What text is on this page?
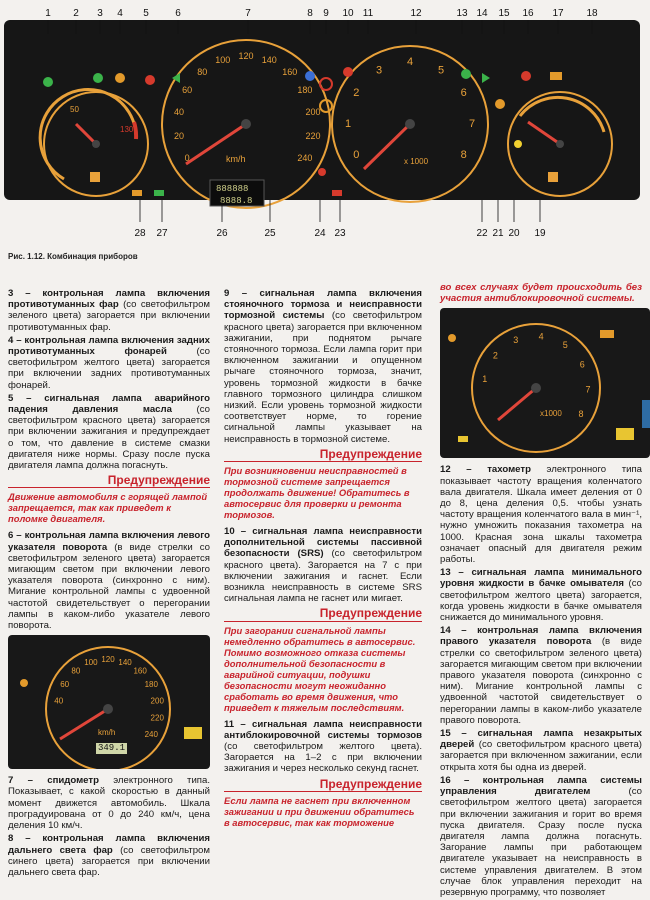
50
130
km/h
0
20
40
60
80
100 120 140
160
180
200
220
240	x 1000
0
1
2
3
4
5
6
7
8
888888
8888.8
1 2 3 4 5	6	7	8 9 10 11	12	13 14 15 16 17 18
28 27	26	25	24 23	22 21 20 19
Рис. 1.12. Комбинация приборов

3 – контрольная лампа включения противотуманных фар (со светофильтром зеленого цвета) загорается при включении противотуманных фар.

4 – контрольная лампа включения задних противотуманных фонарей (со светофильтром желтого цвета) загорается при включении задних противотуманных фонарей.

5 – сигнальная лампа аварийного падения давления масла (со светофильтром красного цвета) загорается при включении зажигания и предупреждает о том, что давление в системе смазки двигателя ниже нормы. Сразу после пуска двигателя лампа должна погаснуть.

Предупреждение
Движение автомобиля с горящей лампой запрещается, так как приведет к поломке двигателя.

6 – контрольная лампа включения левого указателя поворота (в виде стрелки со светофильтром зеленого цвета) загорается мигающим светом при включении левого указателя поворота (синхронно с ним). Мигание контрольной лампы с удвоенной частотой свидетельствует о перегорании лампы в каком-либо указателе левого поворота.

km/h
40
60
80
100 120 140
160
180
200
220
240
349.1

7 – спидометр электронного типа. Показывает, с какой скоростью в данный момент движется автомобиль. Шкала проградуирована от 0 до 240 км/ч, цена деления 10 км/ч.

8 – контрольная лампа включения дальнего света фар (со светофильтром синего цвета) загорается при включении дальнего света фар.

9 – сигнальная лампа включения стояночного тормоза и неисправности тормозной системы (со светофильтром красного цвета) загорается при включенном зажигании, при поднятом рычаге стояночного тормоза. Если лампа горит при включенном зажигании и опущенном рычаге стояночного тормоза, значит, уровень тормозной жидкости в бачке главного тормозного цилиндра слишком низкий. Если уровень тормозной жидкости соответствует норме, то горение сигнальной лампы указывает на неисправность в тормозной системе.

Предупреждение
При возникновении неисправностей в тормозной системе запрещается продолжать движение! Обратитесь в автосервис для проверки и ремонта тормозов.

10 – сигнальная лампа неисправности дополнительной системы пассивной безопасности (SRS) (со светофильтром красного цвета). Загорается на 7 с при включении зажигания и гаснет. Если возникла неисправность в системе SRS сигнальная лампа не гаснет или мигает.

Предупреждение
При загорании сигнальной лампы немедленно обратитесь в автосервис. Помимо возможного отказа системы дополнительной безопасности в аварийной ситуации, подушки безопасности могут неожиданно сработать во время движения, что приведет к тяжелым последствиям.

11 – сигнальная лампа неисправности антиблокировочной системы тормозов (со светофильтром желтого цвета). Загорается на 1–2 с при включении зажигания и через несколько секунд гаснет.

Предупреждение
Если лампа не гаснет при включенном зажигании и при движении обратитесь в автосервис, так как торможение

во всех случаях будет происходить без участия антиблокировочной системы.

x1000
1
2
3 4
5
6
7
8

12 – тахометр электронного типа показывает частоту вращения коленчатого вала двигателя. Шкала имеет деления от 0 до 8, цена деления 0,5. чтобы узнать частоту вращения коленчатого вала в мин⁻¹, нужно умножить показания тахометра на 1000. Красная зона шкалы тахометра означает опасный для двигателя режим работы.

13 – сигнальная лампа минимального уровня жидкости в бачке омывателя (со светофильтром желтого цвета) загорается, когда уровень жидкости в бачке омывателя снижается до минимального уровня.

14 – контрольная лампа включения правого указателя поворота (в виде стрелки со светофильтром зеленого цвета) загорается мигающим светом при включении правого указателя поворота (синхронно с ним). Мигание контрольной лампы с удвоенной частотой свидетельствует о перегорании лампы в каком-либо указателе правого поворота.

15 – сигнальная лампа незакрытых дверей (со светофильтром красного цвета) загорается при включенном зажигании, если открыта хотя бы одна из дверей.

16 – контрольная лампа системы управления двигателем (со светофильтром желтого цвета) загорается при включении зажигания и горит во время пуска двигателя. Сразу после пуска двигателя лампа должна погаснуть. Загорание лампы при работающем двигателе указывает на неисправность в системе управления двигателем. В этом случае блок управления переходит на резервную программу, что позволяет
